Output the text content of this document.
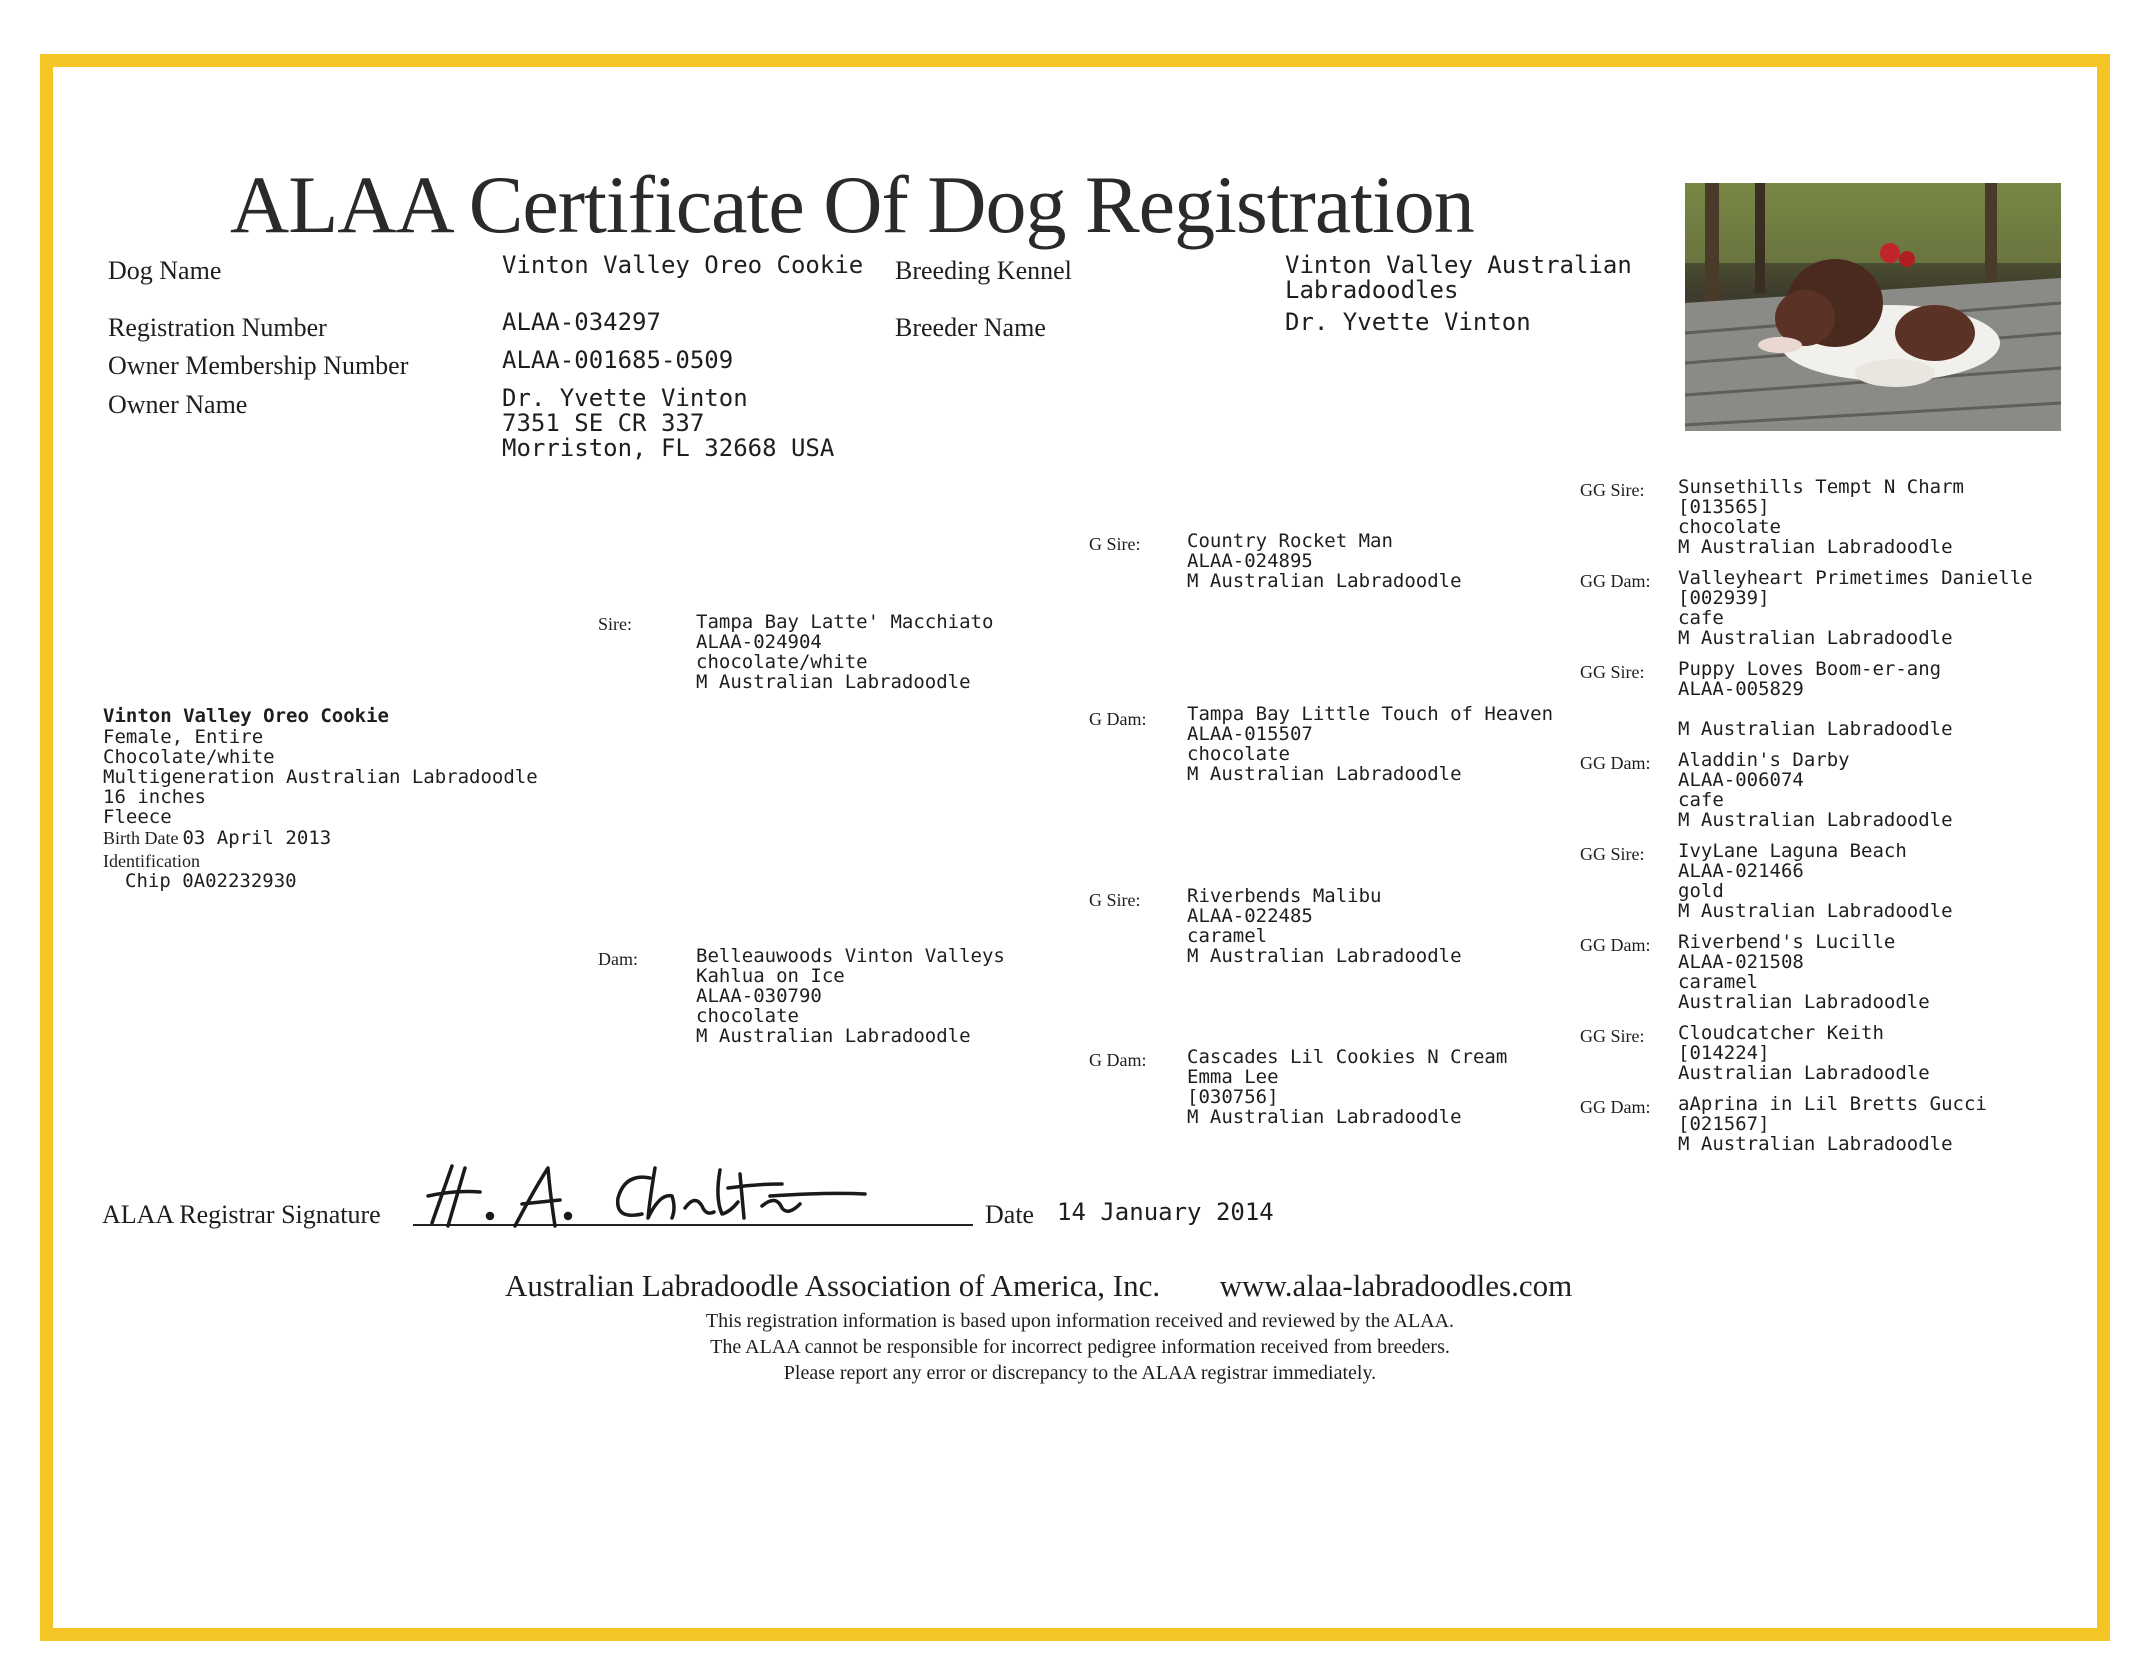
ALAA Certificate Of Dog Registration
Dog Name	Vinton Valley Oreo Cookie Breeding Kennel	Vinton Valley Australian
Labradoodles
Registration Number	ALAA-034297	Breeder Name	Dr. Yvette Vinton
Owner Membership Number	ALAA-001685-0509
Owner Name	Dr. Yvette Vinton
7351 SE CR 337
Morriston, FL 32668 USA
Vinton Valley Oreo Cookie
Female, Entire
Chocolate/white
Multigeneration Australian Labradoodle
16 inches
Fleece
Birth Date 03 April 2013
Identification
Chip 0A02232930
Sire:	Tampa Bay Latte' Macchiato
ALAA-024904
chocolate/white
M Australian Labradoodle
Dam:	Belleauwoods Vinton Valleys
Kahlua on Ice
ALAA-030790
chocolate
M Australian Labradoodle
G Sire: Country Rocket Man
ALAA-024895
M Australian Labradoodle
G Dam: Tampa Bay Little Touch of Heaven
ALAA-015507
chocolate
M Australian Labradoodle
G Sire: Riverbends Malibu
ALAA-022485
caramel
M Australian Labradoodle
G Dam: Cascades Lil Cookies N Cream
Emma Lee
[030756]
M Australian Labradoodle
GG Sire: Sunsethills Tempt N Charm
[013565]
chocolate
M Australian Labradoodle
GG Dam: Valleyheart Primetimes Danielle
[002939]
cafe
M Australian Labradoodle
GG Sire: Puppy Loves Boom-er-ang
ALAA-005829
M Australian Labradoodle
GG Dam: Aladdin's Darby
ALAA-006074
cafe
M Australian Labradoodle
GG Sire: IvyLane Laguna Beach
ALAA-021466
gold
M Australian Labradoodle
GG Dam: Riverbend's Lucille
ALAA-021508
caramel
Australian Labradoodle
GG Sire: Cloudcatcher Keith
[014224]
Australian Labradoodle
GG Dam: aAprina in Lil Bretts Gucci
[021567]
M Australian Labradoodle
ALAA Registrar Signature	Date 14 January 2014
Australian Labradoodle Association of America, Inc. www.alaa-labradoodles.com
This registration information is based upon information received and reviewed by the ALAA.
The ALAA cannot be responsible for incorrect pedigree information received from breeders.
Please report any error or discrepancy to the ALAA registrar immediately.
